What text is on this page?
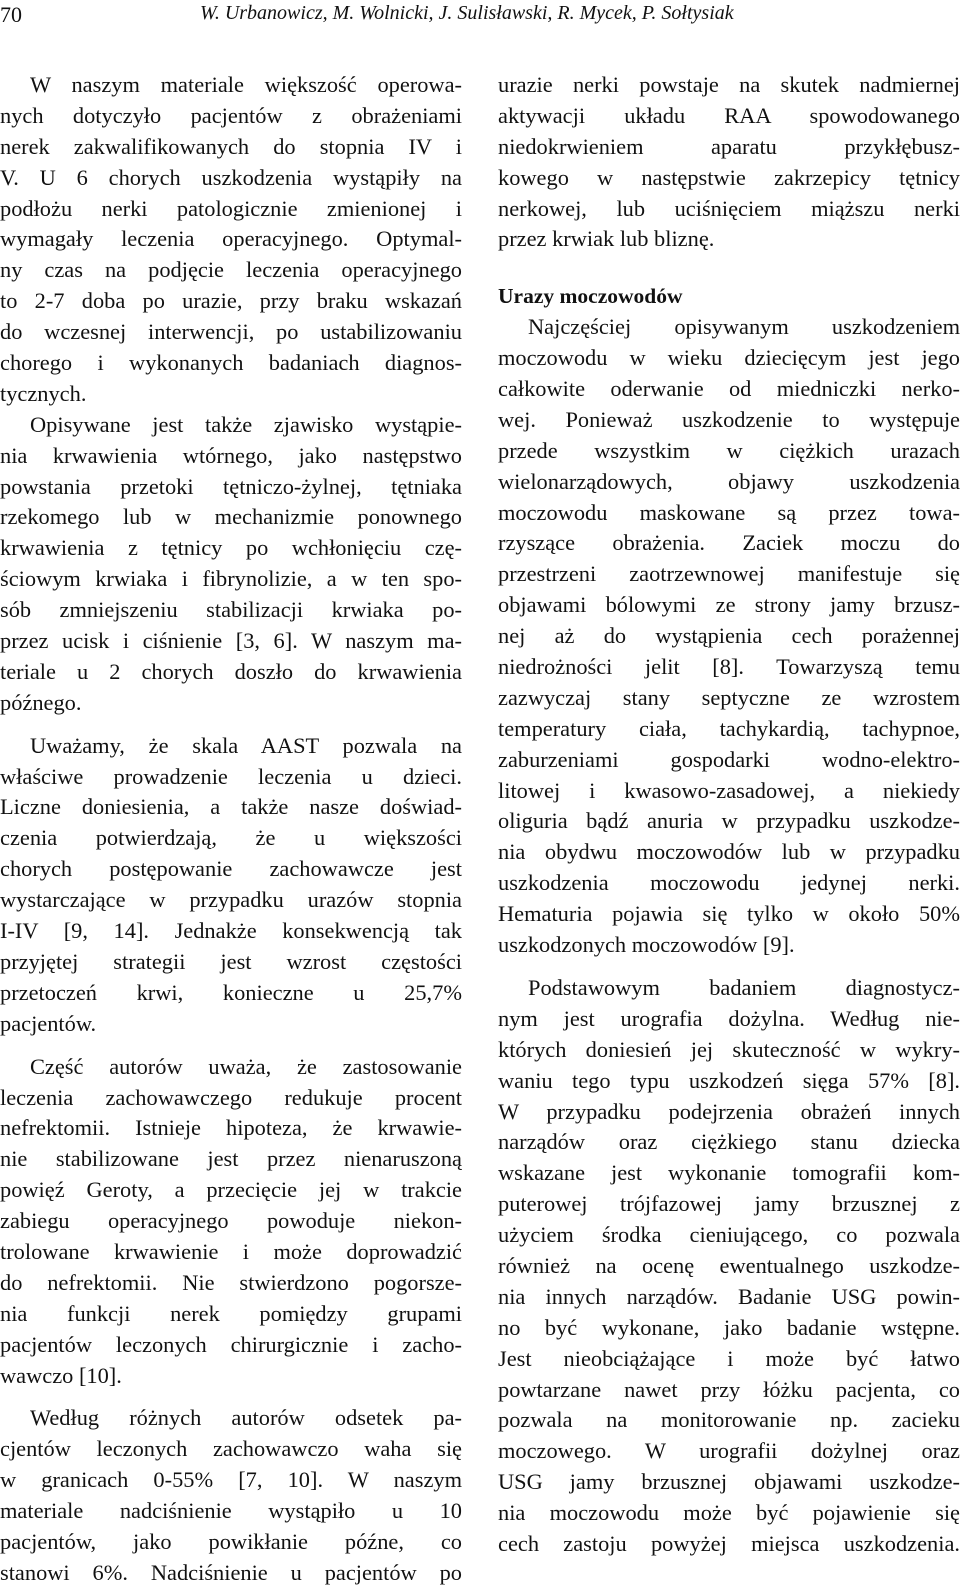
70	W. Urbanowicz, M. Wolnicki, J. Sulisławski, R. Mycek, P. Sołtysiak
W naszym materiale większość operowa-
nych dotyczyło pacjentów z obrażeniami
nerek zakwalifikowanych do stopnia IV i
V. U 6 chorych uszkodzenia wystąpiły na
podłożu nerki patologicznie zmienionej i
wymagały leczenia operacyjnego. Optymal-
ny czas na podjęcie leczenia operacyjnego
to 2-7 doba po urazie, przy braku wskazań
do wczesnej interwencji, po ustabilizowaniu
chorego i wykonanych badaniach diagnos-
tycznych.
Opisywane jest także zjawisko wystąpie-
nia krwawienia wtórnego, jako następstwo
powstania przetoki tętniczo-żylnej, tętniaka
rzekomego lub w mechanizmie ponownego
krwawienia z tętnicy po wchłonięciu czę-
ściowym krwiaka i fibrynolizie, a w ten spo-
sób zmniejszeniu stabilizacji krwiaka po-
przez ucisk i ciśnienie [3, 6]. W naszym ma-
teriale u 2 chorych doszło do krwawienia
późnego.
Uważamy, że skala AAST pozwala na
właściwe prowadzenie leczenia u dzieci.
Liczne doniesienia, a także nasze doświad-
czenia potwierdzają, że u większości
chorych postępowanie zachowawcze jest
wystarczające w przypadku urazów stopnia
I-IV [9, 14]. Jednakże konsekwencją tak
przyjętej strategii jest wzrost częstości
przetoczeń krwi, konieczne u 25,7%
pacjentów.
Część autorów uważa, że zastosowanie
leczenia zachowawczego redukuje procent
nefrektomii. Istnieje hipoteza, że krwawie-
nie stabilizowane jest przez nienaruszoną
powięź Geroty, a przecięcie jej w trakcie
zabiegu operacyjnego powoduje niekon-
trolowane krwawienie i może doprowadzić
do nefrektomii. Nie stwierdzono pogorsze-
nia funkcji nerek pomiędzy grupami
pacjentów leczonych chirurgicznie i zacho-
wawczo [10].
Według różnych autorów odsetek pa-
cjentów leczonych zachowawczo waha się
w granicach 0-55% [7, 10]. W naszym
materiale nadciśnienie wystąpiło u 10
pacjentów, jako powikłanie późne, co
stanowi 6%. Nadciśnienie u pacjentów po
urazie nerki powstaje na skutek nadmiernej
aktywacji układu RAA spowodowanego
niedokrwieniem aparatu przykłębusz-
kowego w następstwie zakrzepicy tętnicy
nerkowej, lub uciśnięciem miąższu nerki
przez krwiak lub bliznę.
Urazy moczowodów
Najczęściej opisywanym uszkodzeniem
moczowodu w wieku dziecięcym jest jego
całkowite oderwanie od miedniczki nerko-
wej. Ponieważ uszkodzenie to występuje
przede wszystkim w ciężkich urazach
wielonarządowych, objawy uszkodzenia
moczowodu maskowane są przez towa-
rzyszące obrażenia. Zaciek moczu do
przestrzeni zaotrzewnowej manifestuje się
objawami bólowymi ze strony jamy brzusz-
nej aż do wystąpienia cech porażennej
niedrożności jelit [8]. Towarzyszą temu
zazwyczaj stany septyczne ze wzrostem
temperatury ciała, tachykardią, tachypnoe,
zaburzeniami gospodarki wodno-elektro-
litowej i kwasowo-zasadowej, a niekiedy
oliguria bądź anuria w przypadku uszkodze-
nia obydwu moczowodów lub w przypadku
uszkodzenia moczowodu jedynej nerki.
Hematuria pojawia się tylko w około 50%
uszkodzonych moczowodów [9].
Podstawowym badaniem diagnostycz-
nym jest urografia dożylna. Według nie-
których doniesień jej skuteczność w wykry-
waniu tego typu uszkodzeń sięga 57% [8].
W przypadku podejrzenia obrażeń innych
narządów oraz ciężkiego stanu dziecka
wskazane jest wykonanie tomografii kom-
puterowej trójfazowej jamy brzusznej z
użyciem środka cieniującego, co pozwala
również na ocenę ewentualnego uszkodze-
nia innych narządów. Badanie USG powin-
no być wykonane, jako badanie wstępne.
Jest nieobciążające i może być łatwo
powtarzane nawet przy łóżku pacjenta, co
pozwala na monitorowanie np. zacieku
moczowego. W urografii dożylnej oraz
USG jamy brzusznej objawami uszkodze-
nia moczowodu może być pojawienie się
cech zastoju powyżej miejsca uszkodzenia.
